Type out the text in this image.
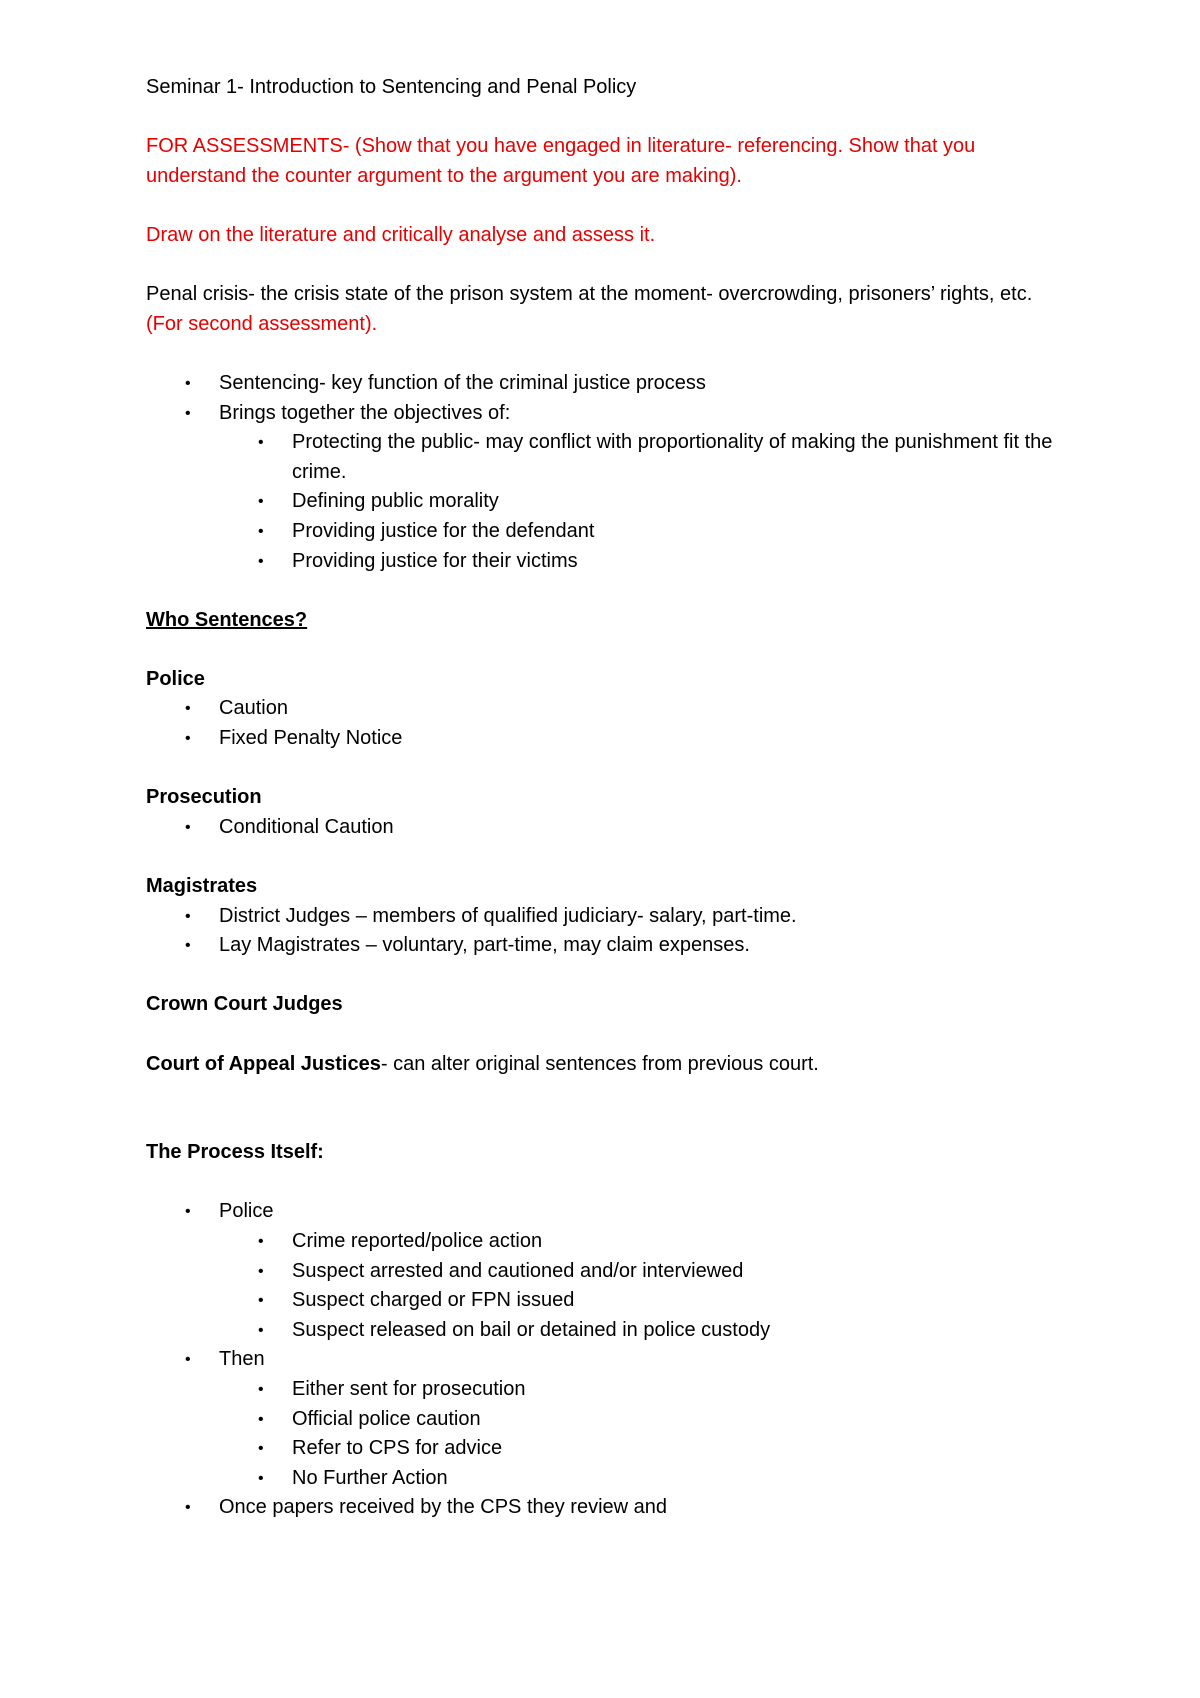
Seminar 1- Introduction to Sentencing and Penal Policy

FOR ASSESSMENTS- (Show that you have engaged in literature- referencing. Show that you understand the counter argument to the argument you are making).

Draw on the literature and critically analyse and assess it.

Penal crisis- the crisis state of the prison system at the moment- overcrowding, prisoners’ rights, etc. (For second assessment).

• Sentencing- key function of the criminal justice process
• Brings together the objectives of:
• Protecting the public- may conflict with proportionality of making the punishment fit the crime.
• Defining public morality
• Providing justice for the defendant
• Providing justice for their victims

Who Sentences?

Police

• Caution
• Fixed Penalty Notice

Prosecution

• Conditional Caution

Magistrates

• District Judges – members of qualified judiciary- salary, part-time.
• Lay Magistrates – voluntary, part-time, may claim expenses.

Crown Court Judges

Court of Appeal Justices- can alter original sentences from previous court.

The Process Itself:

• Police
• Crime reported/police action
• Suspect arrested and cautioned and/or interviewed
• Suspect charged or FPN issued
• Suspect released on bail or detained in police custody
• Then
• Either sent for prosecution
• Official police caution
• Refer to CPS for advice
• No Further Action
• Once papers received by the CPS they review and
